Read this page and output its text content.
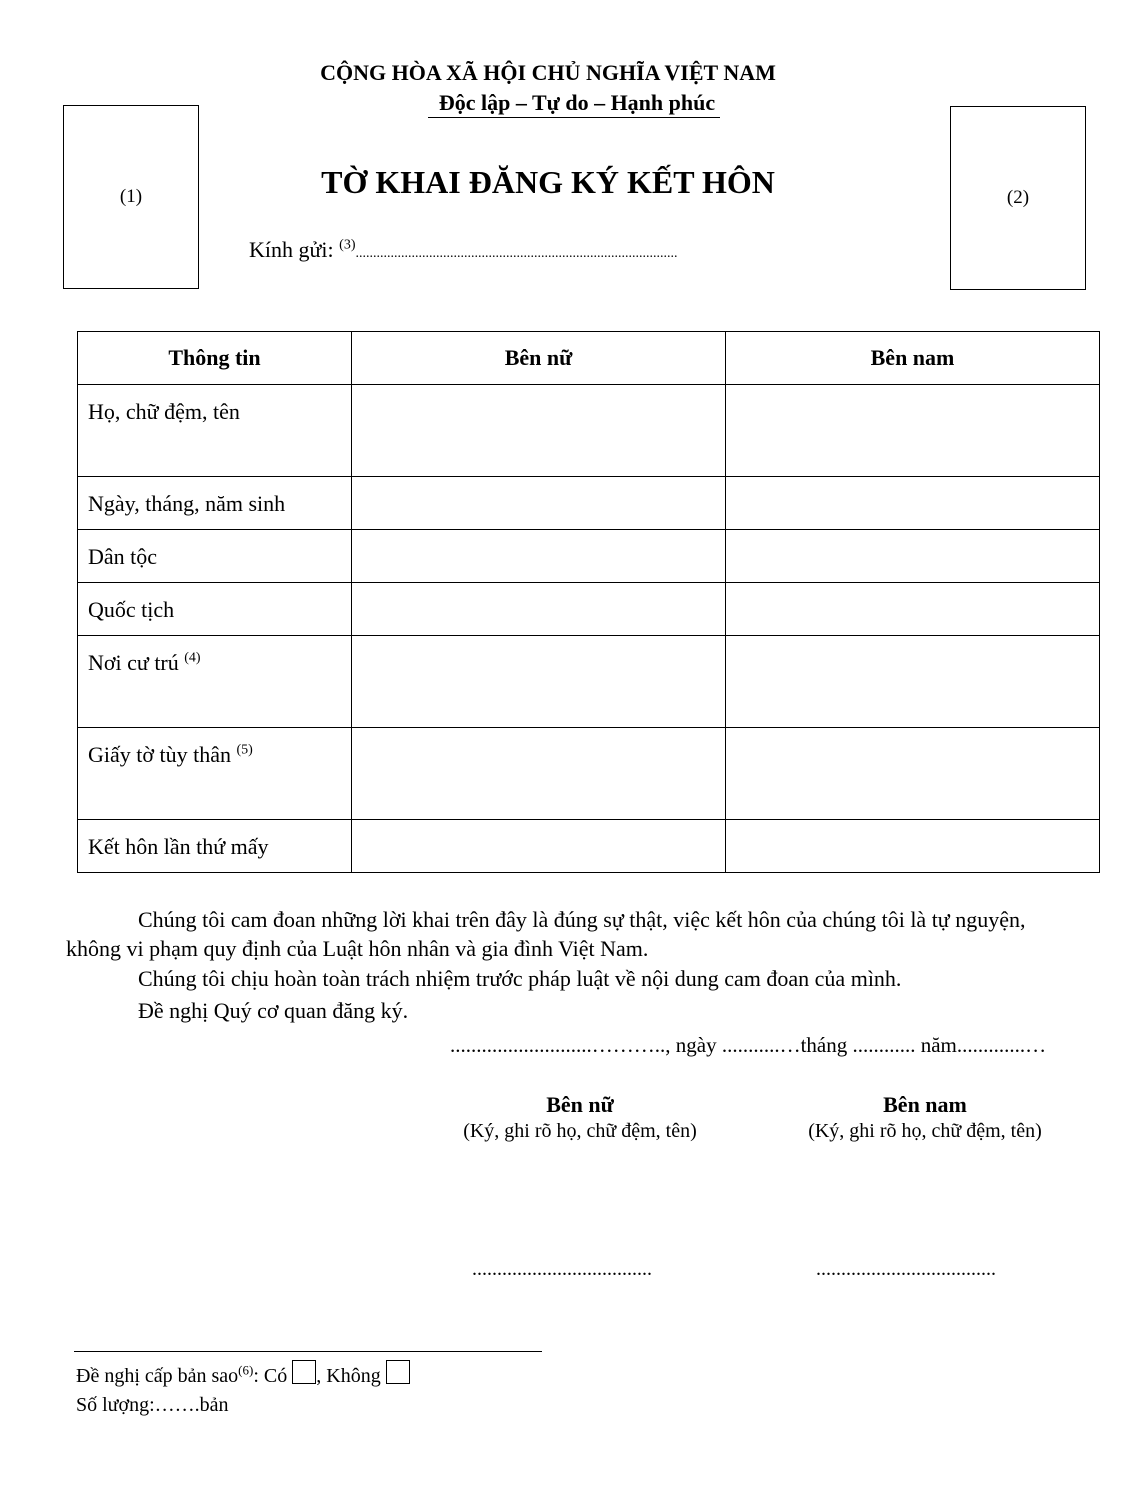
CỘNG HÒA XÃ HỘI CHỦ NGHĨA VIỆT NAM
Độc lập – Tự do – Hạnh phúc
(1)	(2)
TỜ KHAI ĐĂNG KÝ KẾT HÔN
Kính gửi: $^{(3)}$............................................................................................
Thông tin	Bên nữ	Bên nam
Họ, chữ đệm, tên		
Ngày, tháng, năm sinh		
Dân tộc		
Quốc tịch		
Nơi cư trú $^{(4)}$		
Giấy tờ tùy thân $^{(5)}$		
Kết hôn lần thứ mấy		
Chúng tôi cam đoan những lời khai trên đây là đúng sự thật, việc kết hôn của chúng tôi là tự nguyện,
không vi phạm quy định của Luật hôn nhân và gia đình Việt Nam.
Chúng tôi chịu hoàn toàn trách nhiệm trước pháp luật về nội dung cam đoan của mình.
Đề nghị Quý cơ quan đăng ký.
...........................……….., ngày ...........…tháng ............ năm.............…
Bên nữ
(Ký, ghi rõ họ, chữ đệm, tên)
Bên nam
(Ký, ghi rõ họ, chữ đệm, tên)
....................................	....................................
Đề nghị cấp bản sao$^{(6)}$: Có , Không
Số lượng:…….bản
